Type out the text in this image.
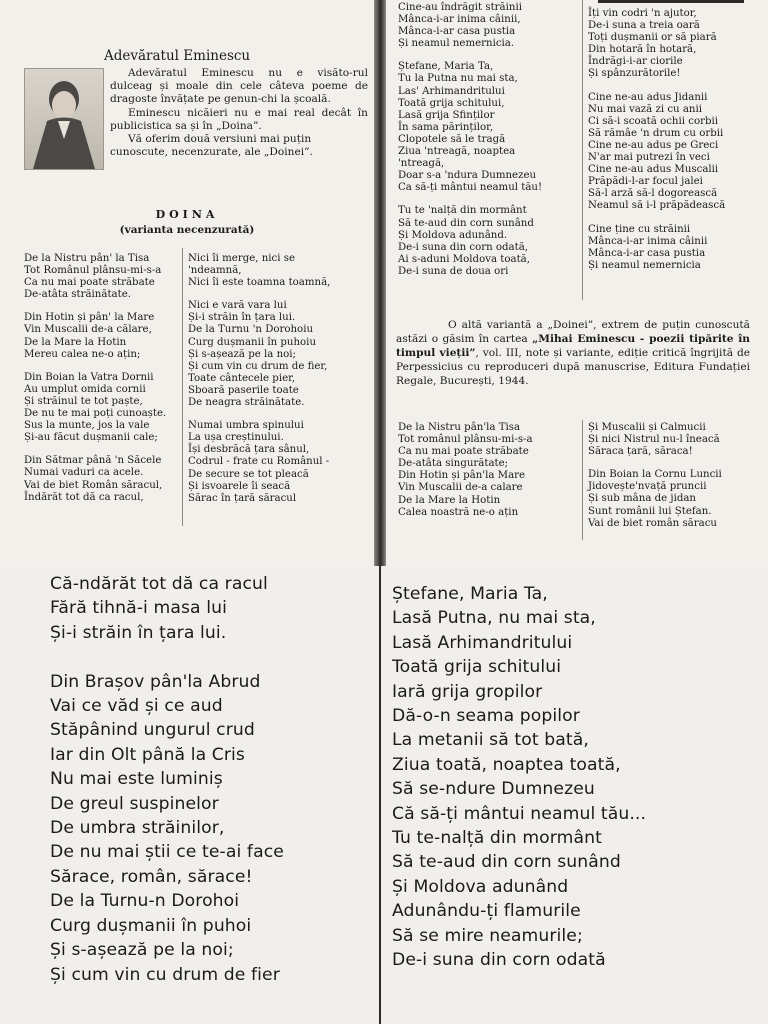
Adevăratul Eminescu

Adevăratul Eminescu nu e visăto-rul dulceag și moale din cele câteva poeme de dragoste învățate pe genun-chi la școală.

Eminescu nicăieri nu e mai real decât în publicistica sa și în „Doina”.

Vă oferim două versiuni mai puțin cunoscute, necenzurate, ale „Doinei”.

DOINA
(varianta necenzurată)
De la Nistru pân' la Tisa
Tot Românul plânsu-mi-s-a
Ca nu mai poate străbate
De-atâta străinătate.
Din Hotin și pân' la Mare
Vin Muscalii de-a călare,
De la Mare la Hotin
Mereu calea ne-o ațin;
Din Boian la Vatra Dornii
Au umplut omida cornii
Și străinul te tot paște,
De nu te mai poți cunoaște.
Sus la munte, jos la vale
Și-au făcut dușmanii cale;
Din Sătmar până 'n Săcele
Numai vaduri ca acele.
Vai de biet Român săracul,
Îndărăt tot dă ca racul,
Nici îi merge, nici se
'ndeamnă,
Nici îi este toamna toamnă,
Nici e vară vara lui
Și-i străin în țara lui.
De la Turnu 'n Dorohoiu
Curg dușmanii în puhoiu
Și s-așează pe la noi;
Și cum vin cu drum de fier,
Toate cântecele pier,
Sboară paserile toate
De neagra străinătate.
Numai umbra spinului
La ușa creștinului.
Își desbrăcă țara sânul,
Codrul - frate cu Românul -
De secure se tot pleacă
Și isvoarele îi seacă
Sărac în țară săracul
Cine-au îndrăgit străinii
Mânca-i-ar inima câinii,
Mânca-i-ar casa pustia
Și neamul nemernicia.
Ștefane, Maria Ta,
Tu la Putna nu mai sta,
Las' Arhimandritului
Toată grija schitului,
Lasă grija Sfinților
În sama părinților,
Clopotele să le tragă
Ziua 'ntreagă, noaptea
'ntreagă,
Doar s-a 'ndura Dumnezeu
Ca să-ți mântui neamul tău!
Tu te 'nalță din mormânt
Să te-aud din corn sunând
Și Moldova adunând.
De-i suna din corn odată,
Ai s-aduni Moldova toată,
De-i suna de doua ori
Îți vin codri 'n ajutor,
De-i suna a treia oară
Toți dușmanii or să piară
Din hotară în hotară,
Îndrăgi-i-ar ciorile
Și spânzurătorile!
Cine ne-au adus Jidanii
Nu mai vază zi cu anii
Ci să-i scoată ochii corbii
Să rămâe 'n drum cu orbii
Cine ne-au adus pe Greci
N'ar mai putrezi în veci
Cine ne-au adus Muscalii
Prăpădi-l-ar focul jalei
Să-l arză să-l dogorească
Neamul să i-l prăpădească
Cine ține cu străinii
Mânca-i-ar inima câinii
Mânca-i-ar casa pustia
Și neamul nemernicia
De la Nistru pân'la Tisa
Tot românul plânsu-mi-s-a
Ca nu mai poate străbate
De-atâta singurătate;
Din Hotin și pân'la Mare
Vin Muscalii de-a calare
De la Mare la Hotin
Calea noastră ne-o ațin
Și Muscalii și Calmucii
Și nici Nistrul nu-l îneacă
Săraca țară, săraca!
Din Boian la Cornu Luncii
Jidovește'nvață pruncii
Și sub mâna de jidan
Sunt românii lui Ștefan.
Vai de biet român săracu
O altă variantă a „Doinei”, extrem de puțin cunoscută astăzi o găsim în cartea „Mihai Eminescu - poezii tipărite în timpul vieții”, vol. III, note și variante, ediție critică îngrijită de Perpessicius cu reproduceri după manuscrise, Editura Fundației Regale, București, 1944.
Că-ndărăt tot dă ca racul
Fără tihnă-i masa lui
Și-i străin în țara lui.

Din Brașov pân'la Abrud
Vai ce văd și ce aud
Stăpânind ungurul crud
Iar din Olt până la Cris
Nu mai este luminiș
De greul suspinelor
De umbra străinilor,
De nu mai știi ce te-ai face
Sărace, român, sărace!
De la Turnu-n Dorohoi
Curg dușmanii în puhoi
Și s-așează pe la noi;
Și cum vin cu drum de fier
Ștefane, Maria Ta,
Lasă Putna, nu mai sta,
Lasă Arhimandritului
Toată grija schitului
Iară grija gropilor
Dă-o-n seama popilor
La metanii să tot bată,
Ziua toată, noaptea toată,
Să se-ndure Dumnezeu
Că să-ți mântui neamul tău...
Tu te-nalță din mormânt
Să te-aud din corn sunând
Și Moldova adunând
Adunându-ți flamurile
Să se mire neamurile;
De-i suna din corn odată
